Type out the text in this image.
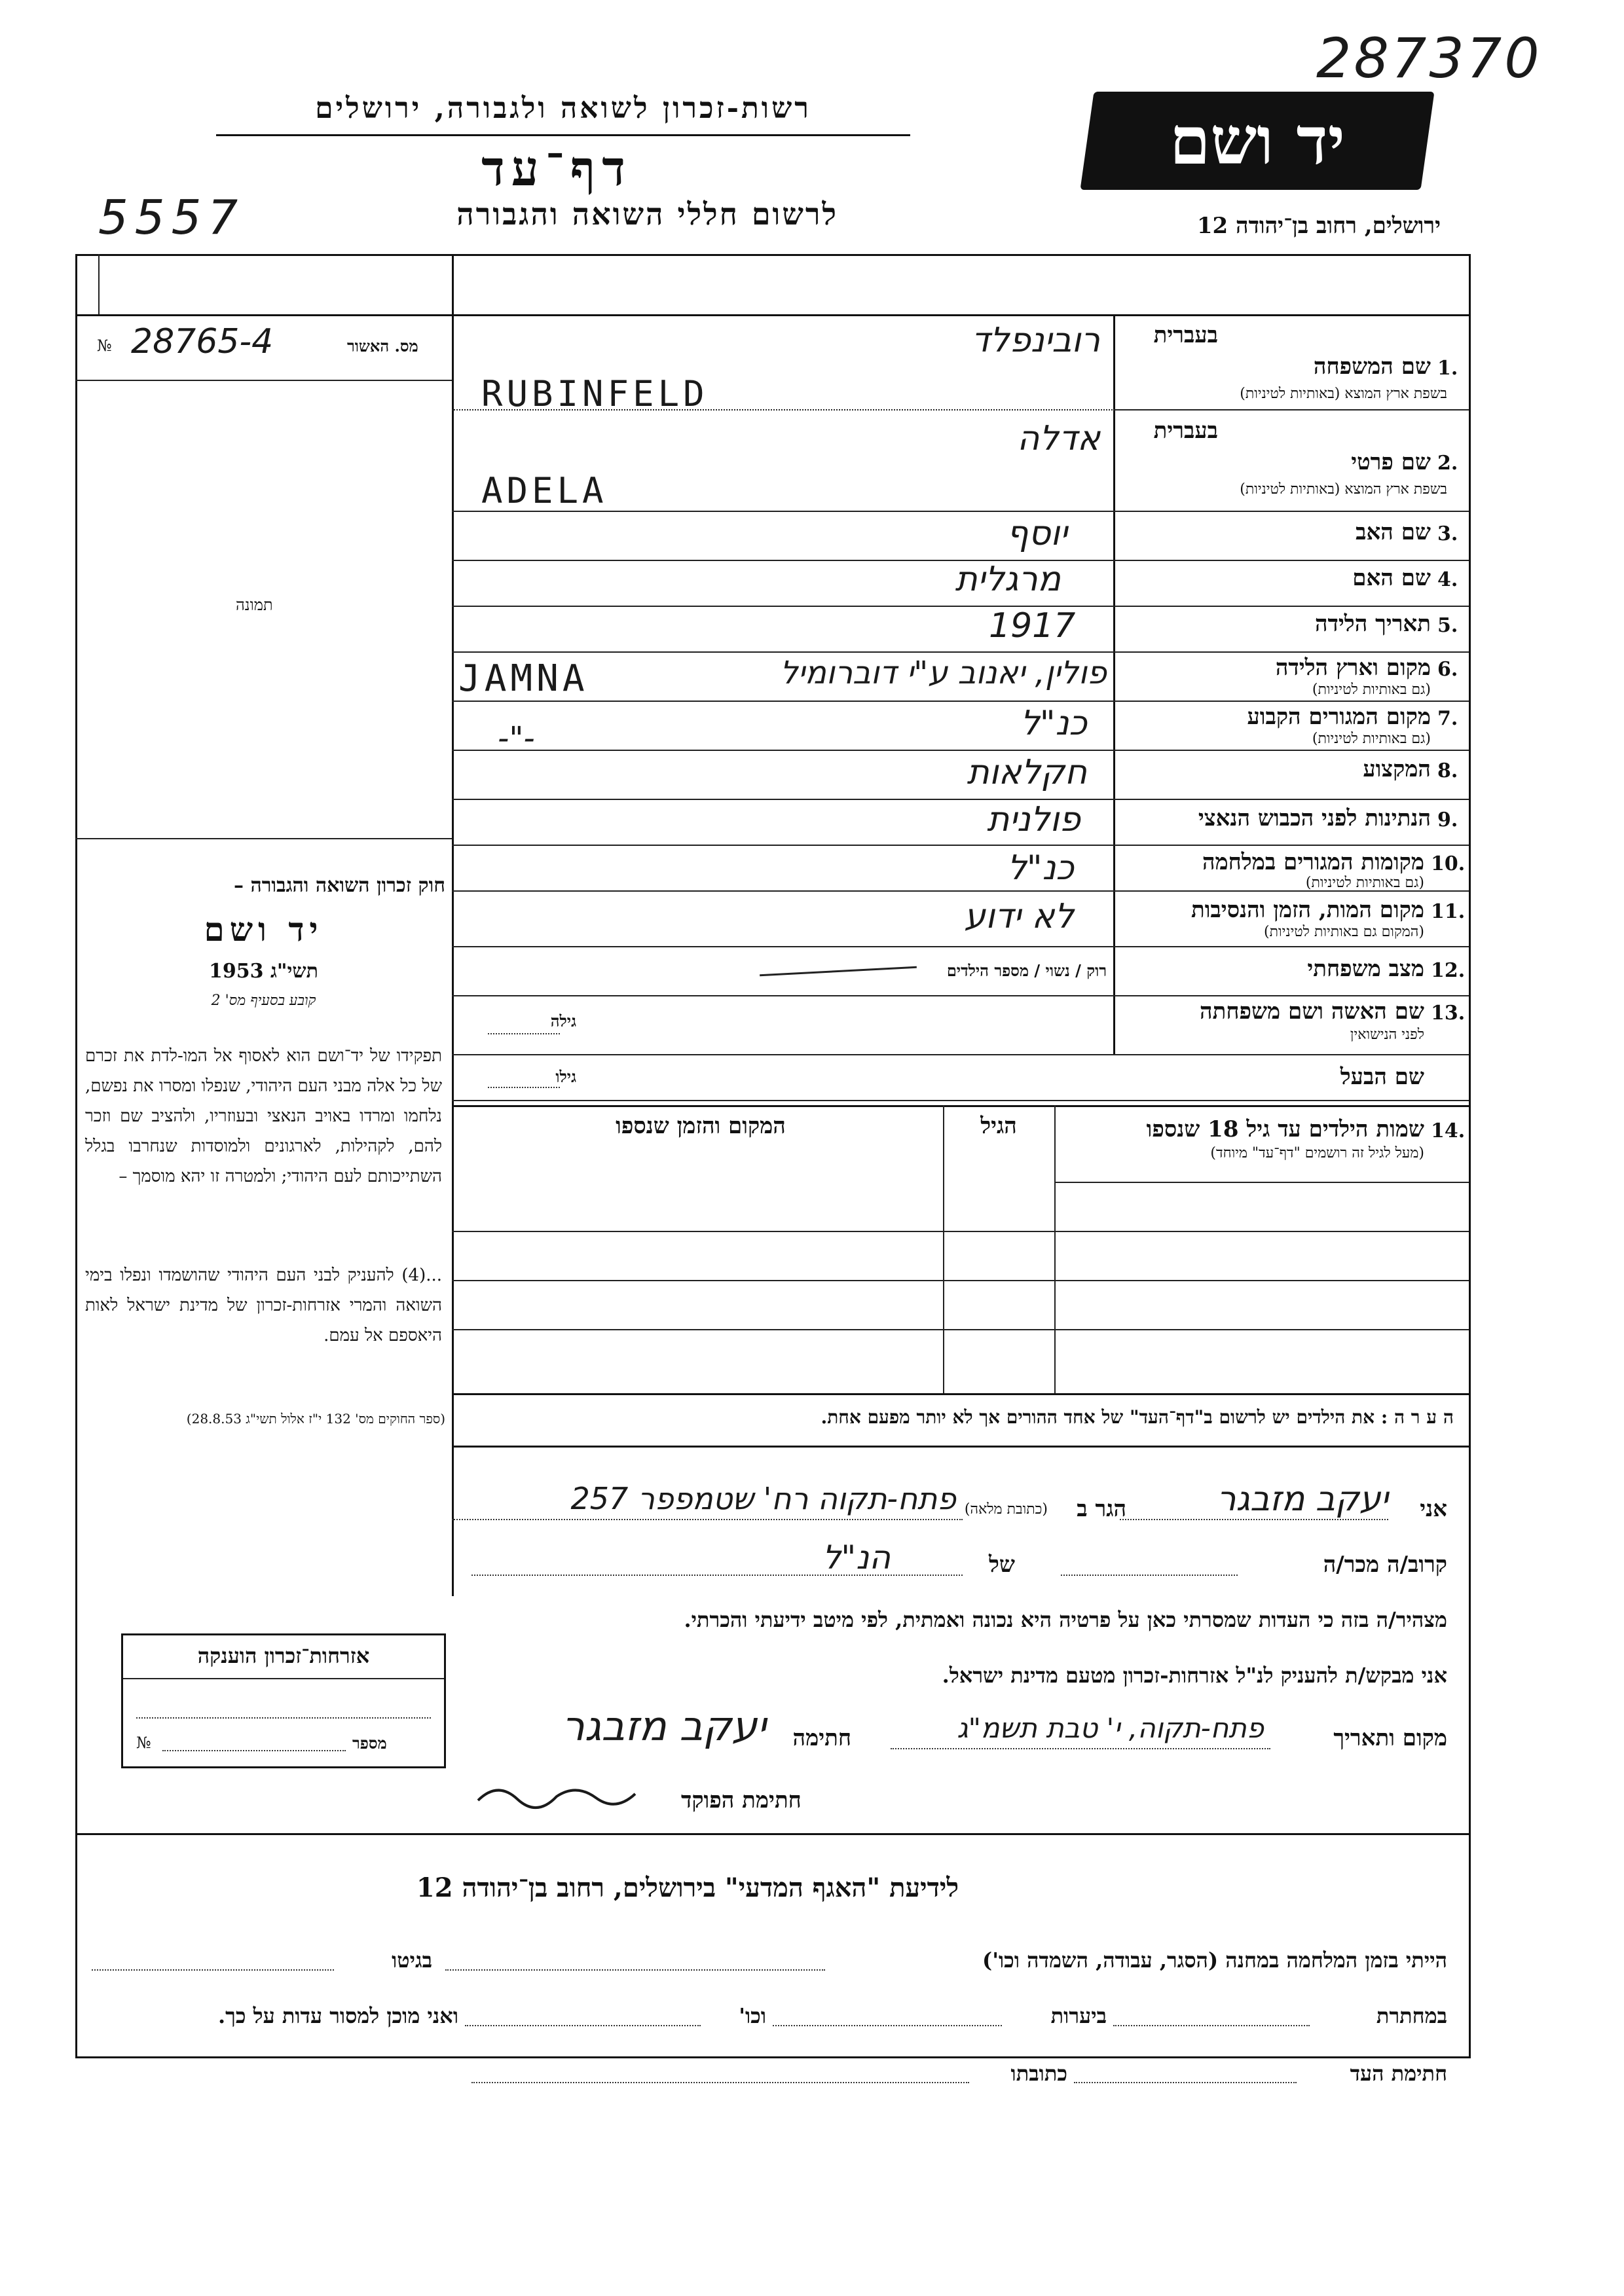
287370
יד ושם
רשות-זכרון לשואה ולגבורה, ירושלים
דף־עד
5557	לרשום חללי השואה והגבורה	ירושלים, רחוב בן־יהודה 12
№ 28765-4	מס. האשור
תמונה
בעברית
1.
שם המשפחה
בשפת ארץ המוצא (באותיות לטיניות)
רובינפלד
RUBINFELD
בעברית
2.
שם פרטי
בשפת ארץ המוצא (באותיות לטיניות)
אדלה
ADELA
3.
שם האב
יוסף
4.
שם האם
מרגלית
5.
תאריך הלידה
1917
6.
מקום וארץ הלידה
(גם באותיות לטיניות)
פולין, יאנוב ע"י דוברומיל
JAMNA
7.
מקום המגורים הקבוע
(גם באותיות לטיניות)
כנ"ל
-"-
8.
המקצוע
חקלאות
9.
הנתינות לפני הכבוש הנאצי
פולנית
10.
מקומות המגורים במלחמה
(גם באותיות לטיניות)
כנ"ל
11.
מקום המות, הזמן והנסיבות
(המקום גם באותיות לטיניות)
לא ידוע
12.
מצב משפחתי
רוק / נשוי / מספר הילדים
13.
שם האשה ושם משפחתה
לפני הנישואין
גילה
שם הבעל
גילו
14.
שמות הילדים עד גיל 18 שנספו
(מעל לגיל זה רושמים "דף־עד" מיוחד)
הגיל
המקום והזמן שנספו
חוק זכרון השואה והגבורה –
יד ושם
תשי"ג 1953
קובע בסעיף מס' 2
תפקידו של יד־ושם הוא לאסוף אל המו-לדת את זכרם של כל אלה מבני העם היהודי, שנפלו ומסרו את נפשם, נלחמו ומרדו באויב הנאצי ובעוזריו, ולהציב שם וזכר להם, לקהילות, לארגונים ולמוסדות שנחרבו בגלל השתייכותם לעם היהודי; ולמטרה זו יהא מוסמך –
...(4) להעניק לבני העם היהודי שהושמדו ונפלו בימי השואה והמרי אזרחות-זכרון של מדינת ישראל לאות היאספם אל עמם.
(ספר החוקים מס' 132 י"ז אלול תשי"ג 28.8.53)	ה ע ר ה : את הילדים יש לרשום ב"דף־העד" של אחד ההורים אך לא יותר מפעם אחת.
אני
יעקב מזבגר
הגר ב
(כתובת מלאה)
פתח-תקוה רח' שטמפפר 257
קרוב/ה מכר/ה
של
הנ"ל
מצהיר/ה בזה כי העדות שמסרתי כאן על פרטיה היא נכונה ואמתית, לפי מיטב ידיעתי והכרתי.
אני מבקש/ת להעניק לנ"ל אזרחות-זכרון מטעם מדינת ישראל.
מקום ותאריך
פתח-תקוה, י' טבת תשמ"ג
חתימה
יעקב מזבגר
חתימת הפוקד
אזרחות־זכרון הוענקה
№	מספר
לידיעת "האגף המדעי" בירושלים, רחוב בן־יהודה 12
הייתי בזמן המלחמה במחנה (הסגר, עבודה, השמדה וכו')
בגיטו
במחתרת
ביערות
וכו'
ואני מוכן למסור עדות על כך.
חתימת העד
כתובתו
